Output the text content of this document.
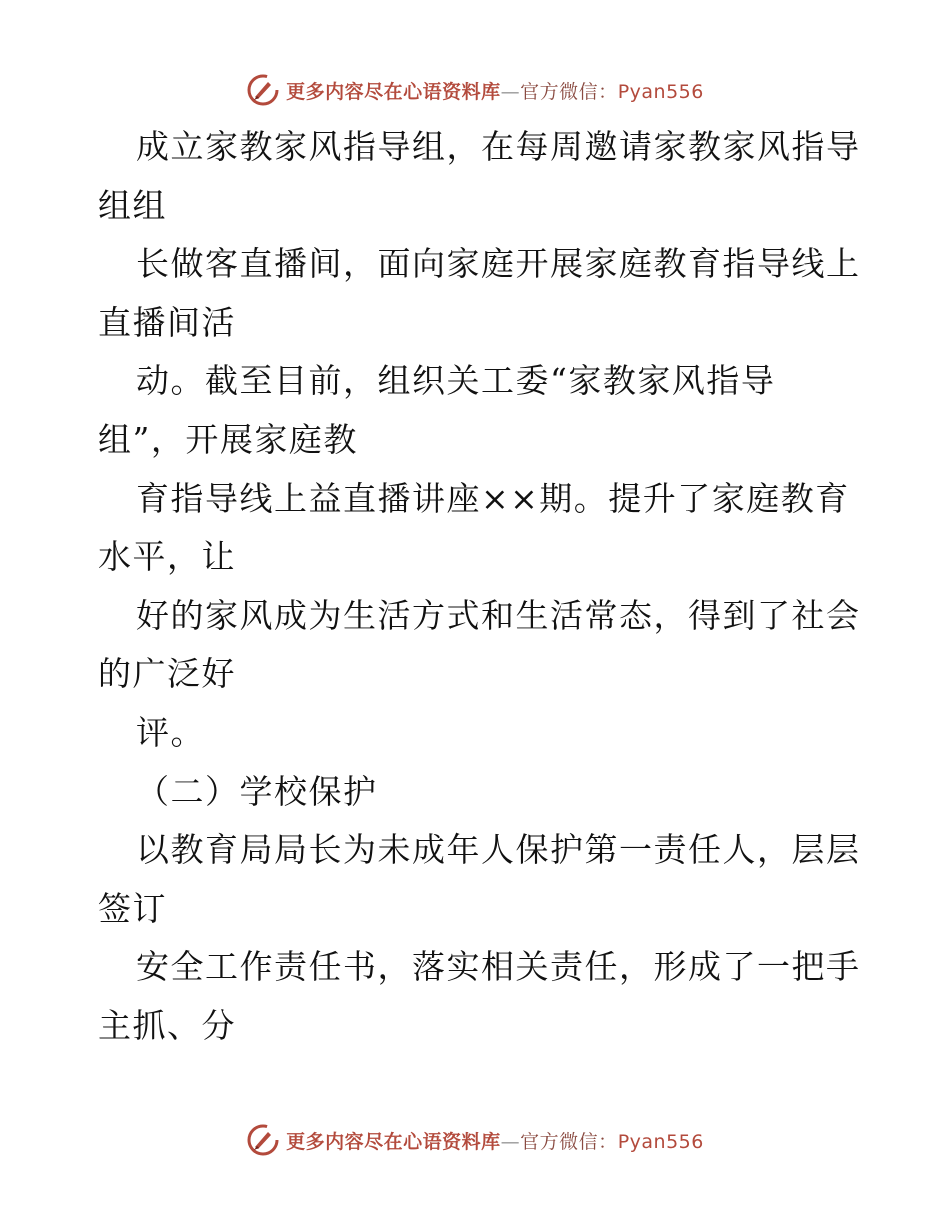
更多内容尽在心语资料库—官方微信：Pyan556
成立家教家风指导组，在每周邀请家教家风指导
组组
长做客直播间，面向家庭开展家庭教育指导线上
直播间活
动。截至目前，组织关工委“家教家风指导
组”，开展家庭教
育指导线上益直播讲座××期。提升了家庭教育
水平，让
好的家风成为生活方式和生活常态，得到了社会
的广泛好
评。
（二）学校保护
以教育局局长为未成年人保护第一责任人，层层
签订
安全工作责任书，落实相关责任，形成了一把手
主抓、分
更多内容尽在心语资料库—官方微信：Pyan556
